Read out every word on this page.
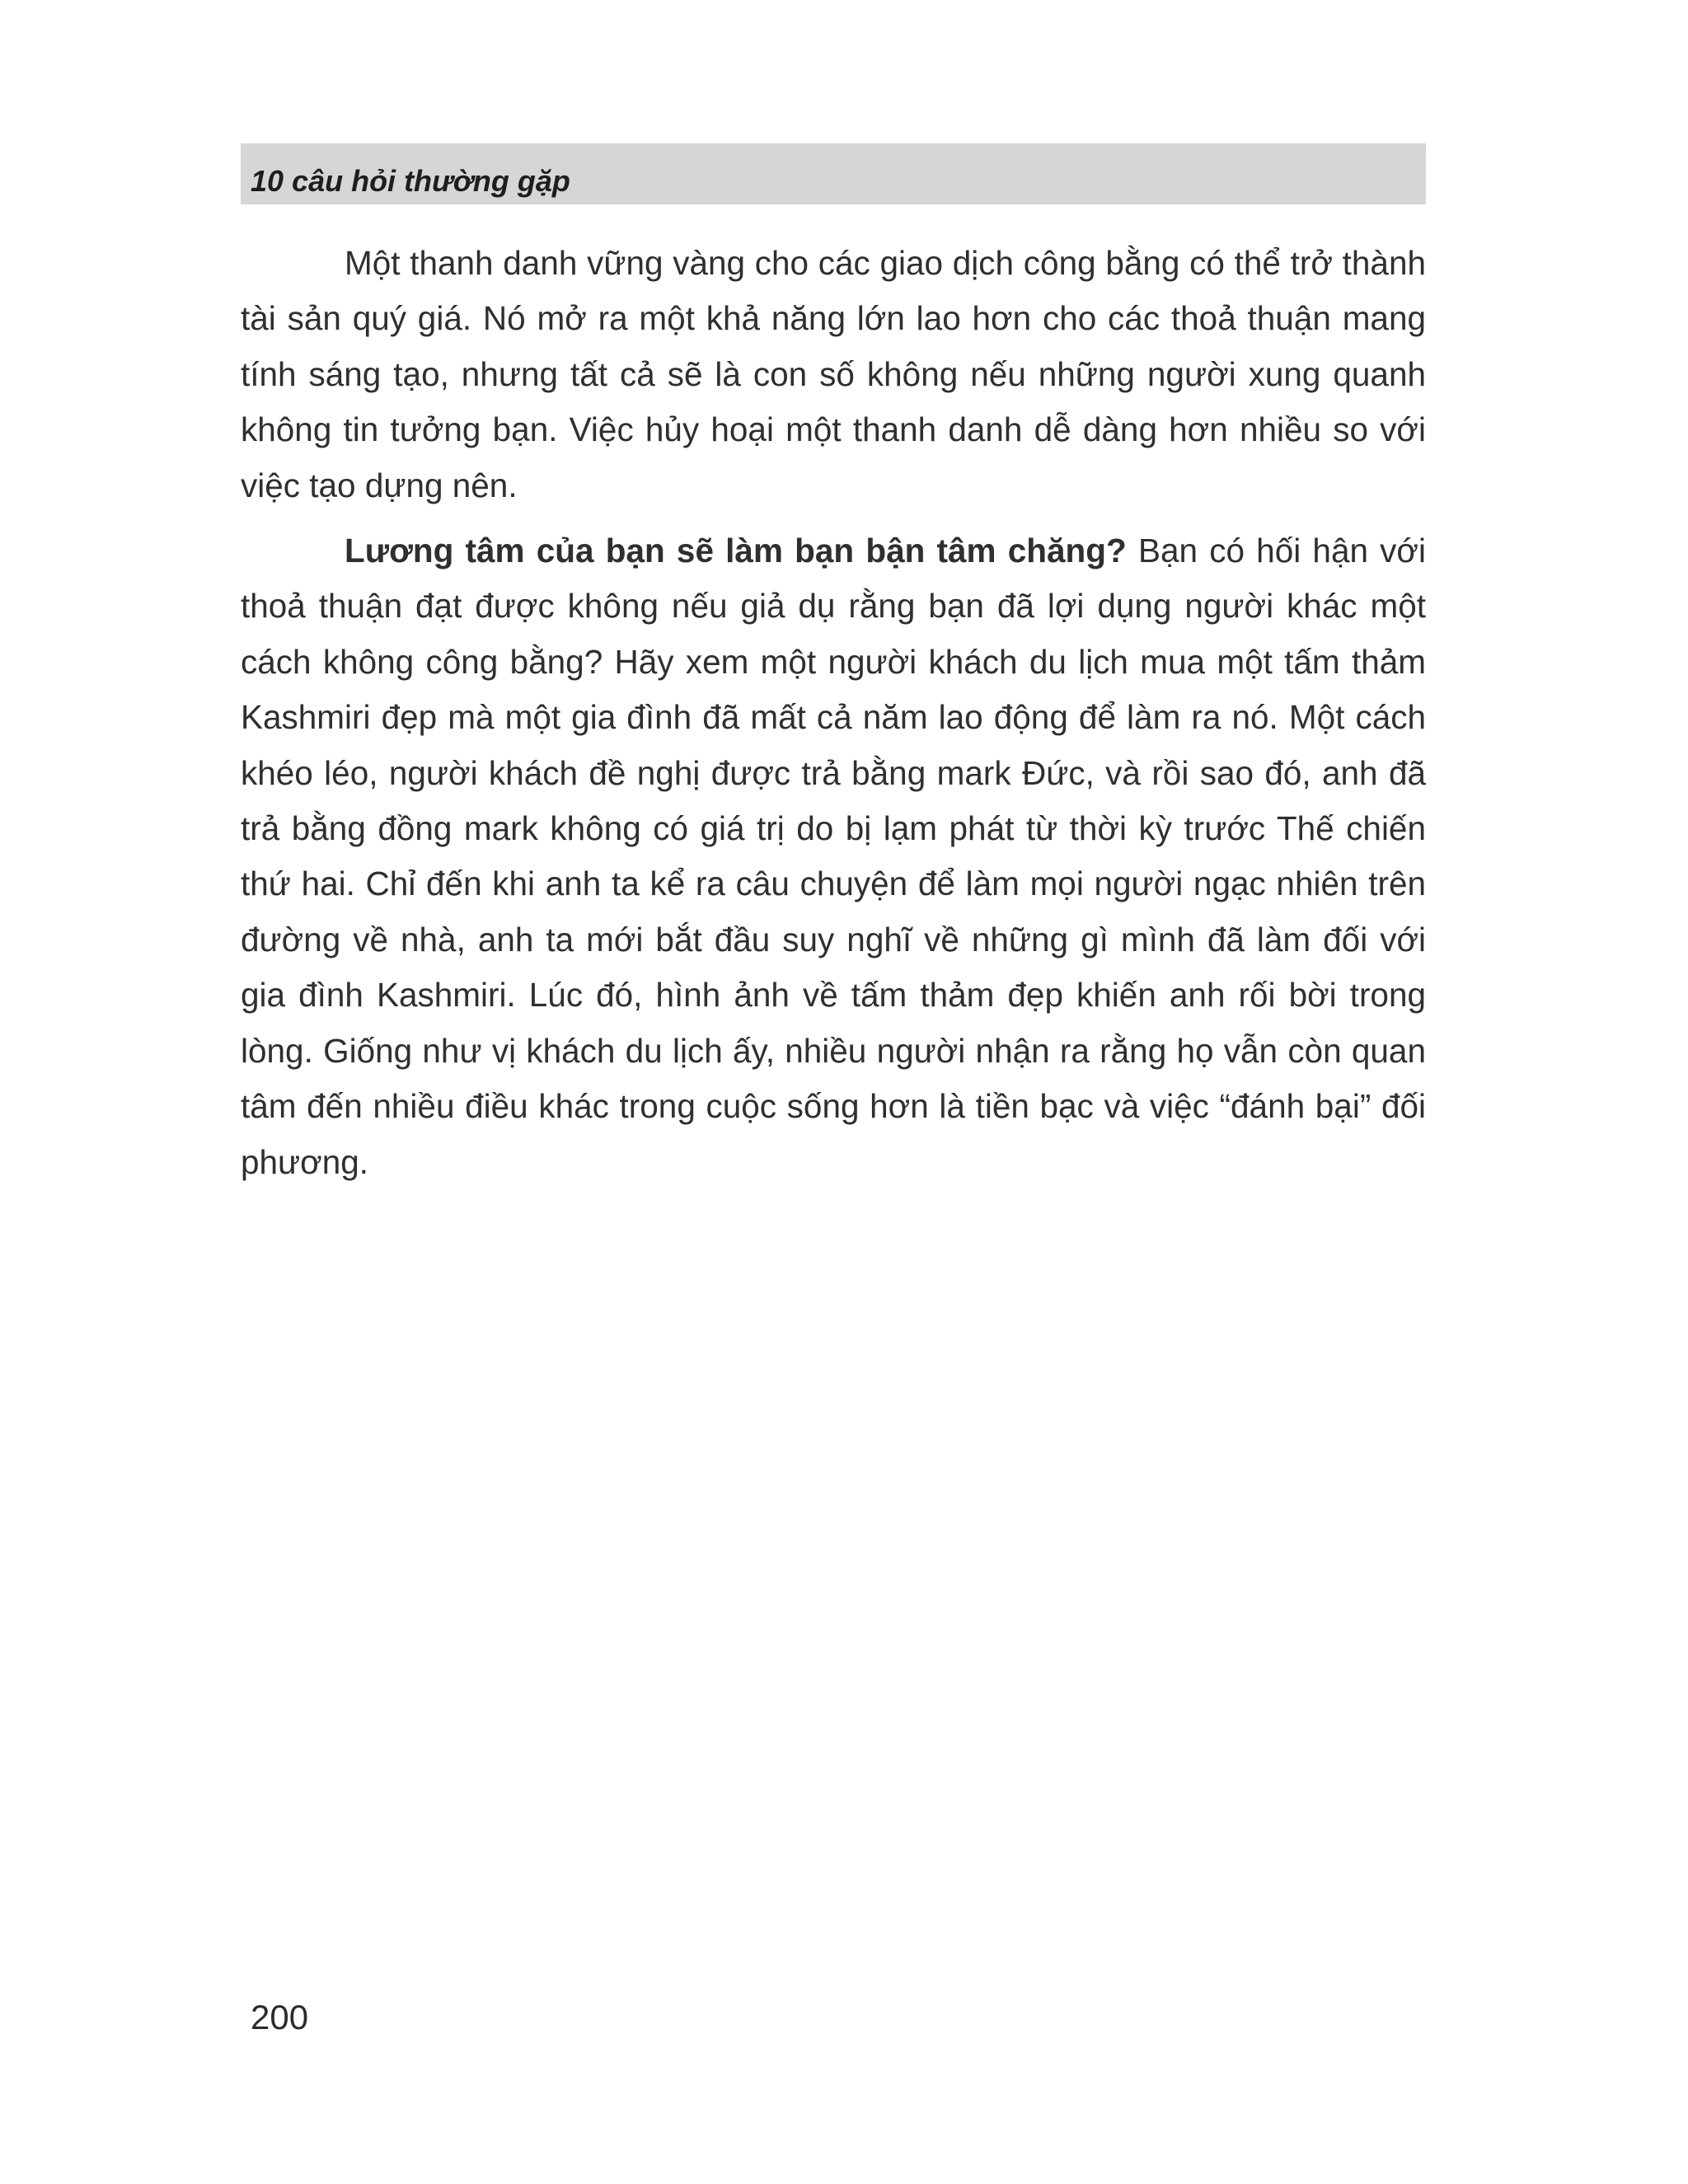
10 câu hỏi thường gặp

Một thanh danh vững vàng cho các giao dịch công bằng có thể trở thành tài sản quý giá. Nó mở ra một khả năng lớn lao hơn cho các thoả thuận mang tính sáng tạo, nhưng tất cả sẽ là con số không nếu những người xung quanh không tin tưởng bạn. Việc hủy hoại một thanh danh dễ dàng hơn nhiều so với việc tạo dựng nên.

Lương tâm của bạn sẽ làm bạn bận tâm chăng? Bạn có hối hận với thoả thuận đạt được không nếu giả dụ rằng bạn đã lợi dụng người khác một cách không công bằng? Hãy xem một người khách du lịch mua một tấm thảm Kashmiri đẹp mà một gia đình đã mất cả năm lao động để làm ra nó. Một cách khéo léo, người khách đề nghị được trả bằng mark Đức, và rồi sao đó, anh đã trả bằng đồng mark không có giá trị do bị lạm phát từ thời kỳ trước Thế chiến thứ hai. Chỉ đến khi anh ta kể ra câu chuyện để làm mọi người ngạc nhiên trên đường về nhà, anh ta mới bắt đầu suy nghĩ về những gì mình đã làm đối với gia đình Kashmiri. Lúc đó, hình ảnh về tấm thảm đẹp khiến anh rối bời trong lòng. Giống như vị khách du lịch ấy, nhiều người nhận ra rằng họ vẫn còn quan tâm đến nhiều điều khác trong cuộc sống hơn là tiền bạc và việc “đánh bại” đối phương.

200
